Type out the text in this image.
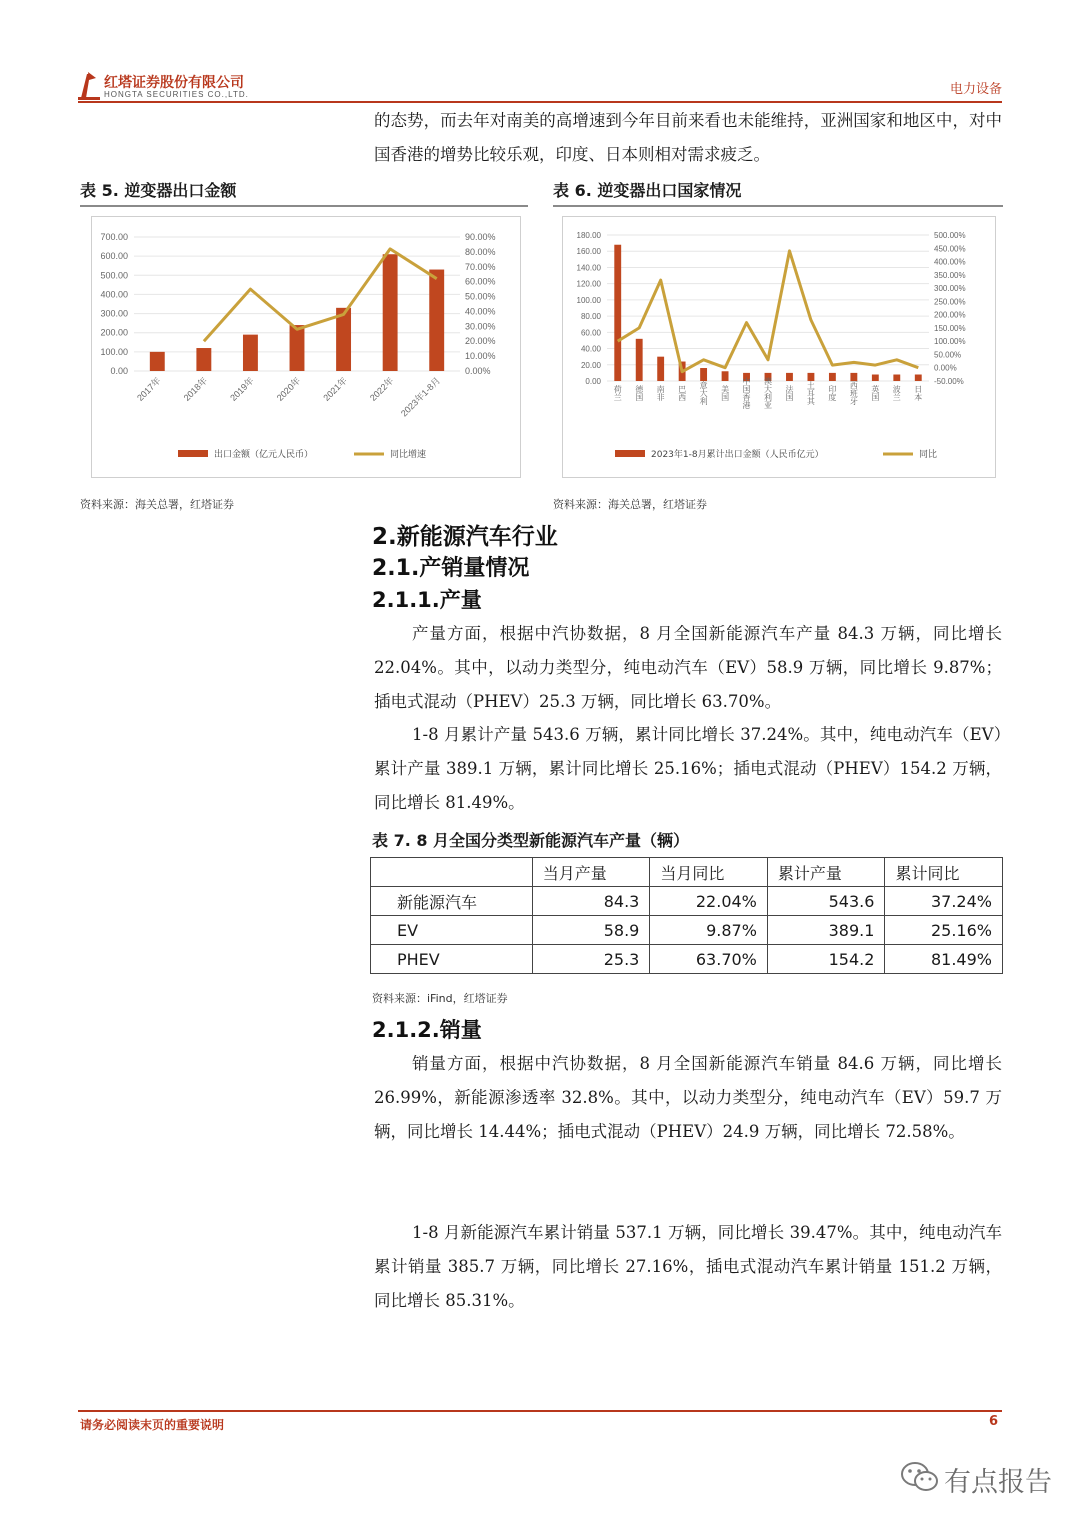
红塔证券股份有限公司
HONGTA SECURITIES CO.,LTD.	电力设备
的态势，而去年对南美的高增速到今年目前来看也未能维持，亚洲国家和地区中，对中国香港的增势比较乐观，印度、日本则相对需求疲乏。
表 5. 逆变器出口金额	表 6. 逆变器出口国家情况
0.00
100.00
200.00
300.00
400.00
500.00
600.00
700.00
0.00%
10.00%
20.00%
30.00%
40.00%
50.00%
60.00%
70.00%
80.00%
90.00%
2017年 2018年 2019年 2020年 2021年 2022年 2023年1-8月
出口金额（亿元人民币）	同比增速
0.00
20.00
40.00
60.00
80.00
100.00
120.00
140.00
160.00
180.00
-50.00%
0.00%
50.00%
100.00%
150.00%
200.00%
250.00%
300.00%
350.00%
400.00%
450.00%
500.00%
荷兰 德国 南非 巴西 意大利 美国 中国香港 澳大利亚 法国 土耳其 印度 西班牙 英国 波兰 日本
2023年1-8月累计出口金额（人民币亿元）	同比
资料来源：海关总署，红塔证券	资料来源：海关总署，红塔证券
2.新能源汽车行业
2.1.产销量情况
2.1.1.产量
产量方面，根据中汽协数据，8 月全国新能源汽车产量 84.3 万辆，同比增长 22.04%。其中，以动力类型分，纯电动汽车（EV）58.9 万辆，同比增长 9.87%；插电式混动（PHEV）25.3 万辆，同比增长 63.70%。
1-8 月累计产量 543.6 万辆，累计同比增长 37.24%。其中，纯电动汽车（EV）累计产量 389.1 万辆，累计同比增长 25.16%；插电式混动（PHEV）154.2 万辆，同比增长 81.49%。
表 7. 8 月全国分类型新能源汽车产量（辆）
	当月产量	当月同比	累计产量	累计同比
新能源汽车	84.3	22.04%	543.6	37.24%
EV	58.9	9.87%	389.1	25.16%
PHEV	25.3	63.70%	154.2	81.49%
资料来源：iFind，红塔证券
2.1.2.销量
销量方面，根据中汽协数据，8 月全国新能源汽车销量 84.6 万辆，同比增长 26.99%，新能源渗透率 32.8%。其中，以动力类型分，纯电动汽车（EV）59.7 万辆，同比增长 14.44%；插电式混动（PHEV）24.9 万辆，同比增长 72.58%。
1-8 月新能源汽车累计销量 537.1 万辆，同比增长 39.47%。其中，纯电动汽车累计销量 385.7 万辆，同比增长 27.16%，插电式混动汽车累计销量 151.2 万辆，同比增长 85.31%。
请务必阅读末页的重要说明	6
有点报告
